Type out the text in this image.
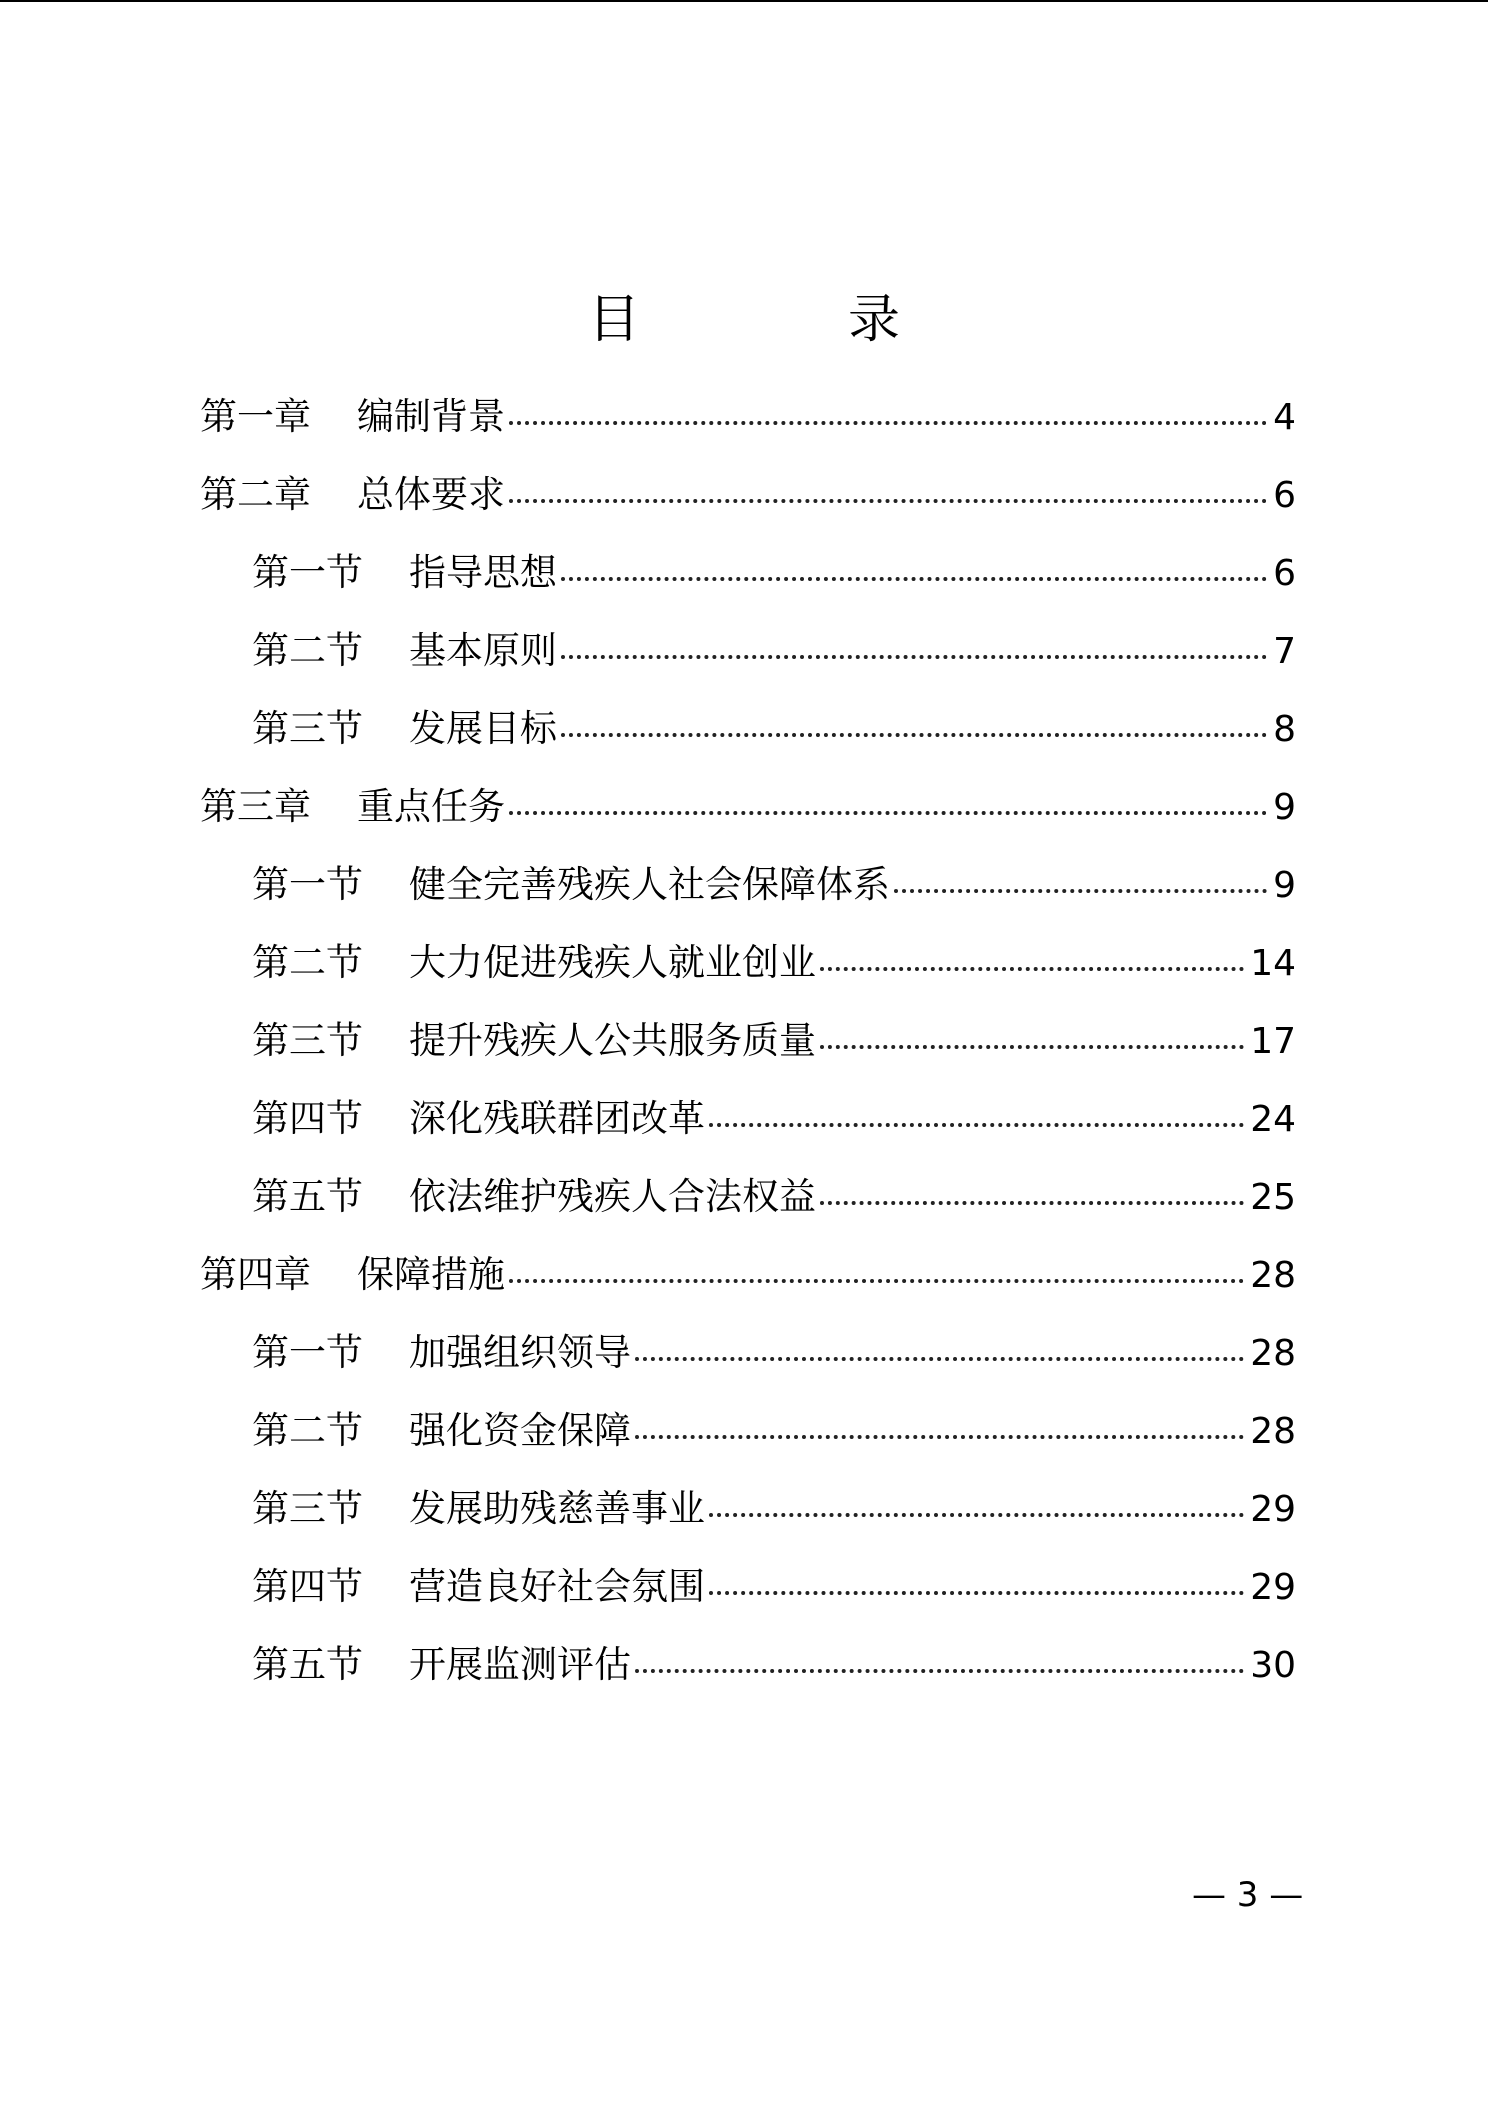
目　录
第一章 编制背景	4
第二章 总体要求	6
第一节 指导思想	6
第二节 基本原则	7
第三节 发展目标	8
第三章 重点任务	9
第一节 健全完善残疾人社会保障体系	9
第二节 大力促进残疾人就业创业	14
第三节 提升残疾人公共服务质量	17
第四节 深化残联群团改革	24
第五节 依法维护残疾人合法权益	25
第四章 保障措施	28
第一节 加强组织领导	28
第二节 强化资金保障	28
第三节 发展助残慈善事业	29
第四节 营造良好社会氛围	29
第五节 开展监测评估	30
— 3 —
